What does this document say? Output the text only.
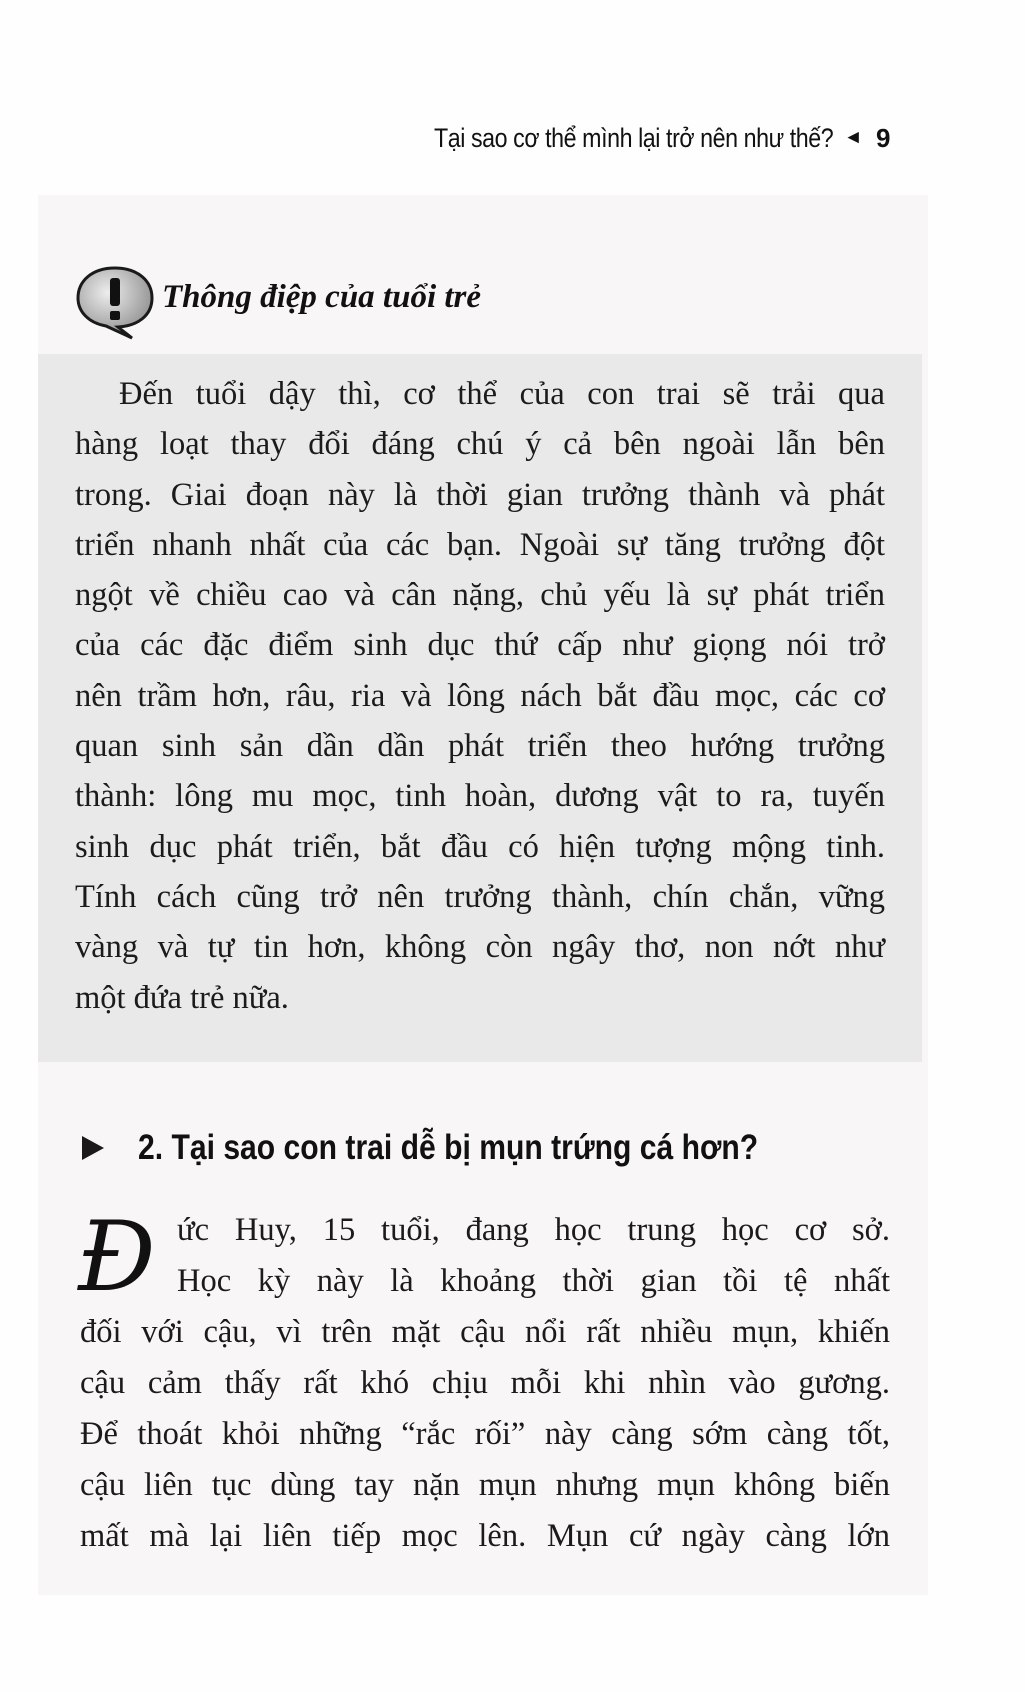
Tại sao cơ thể mình lại trở nên như thế? ◄ 9
Thông điệp của tuổi trẻ
Đến tuổi dậy thì, cơ thể của con trai sẽ trải qua
hàng loạt thay đổi đáng chú ý cả bên ngoài lẫn bên
trong. Giai đoạn này là thời gian trưởng thành và phát
triển nhanh nhất của các bạn. Ngoài sự tăng trưởng đột
ngột về chiều cao và cân nặng, chủ yếu là sự phát triển
của các đặc điểm sinh dục thứ cấp như giọng nói trở
nên trầm hơn, râu, ria và lông nách bắt đầu mọc, các cơ
quan sinh sản dần dần phát triển theo hướng trưởng
thành: lông mu mọc, tinh hoàn, dương vật to ra, tuyến
sinh dục phát triển, bắt đầu có hiện tượng mộng tinh.
Tính cách cũng trở nên trưởng thành, chín chắn, vững
vàng và tự tin hơn, không còn ngây thơ, non nớt như
một đứa trẻ nữa.
2. Tại sao con trai dễ bị mụn trứng cá hơn?
Đ ức Huy, 15 tuổi, đang học trung học cơ sở.
Học kỳ này là khoảng thời gian tồi tệ nhất
đối với cậu, vì trên mặt cậu nổi rất nhiều mụn, khiến
cậu cảm thấy rất khó chịu mỗi khi nhìn vào gương.
Để thoát khỏi những “rắc rối” này càng sớm càng tốt,
cậu liên tục dùng tay nặn mụn nhưng mụn không biến
mất mà lại liên tiếp mọc lên. Mụn cứ ngày càng lớn
